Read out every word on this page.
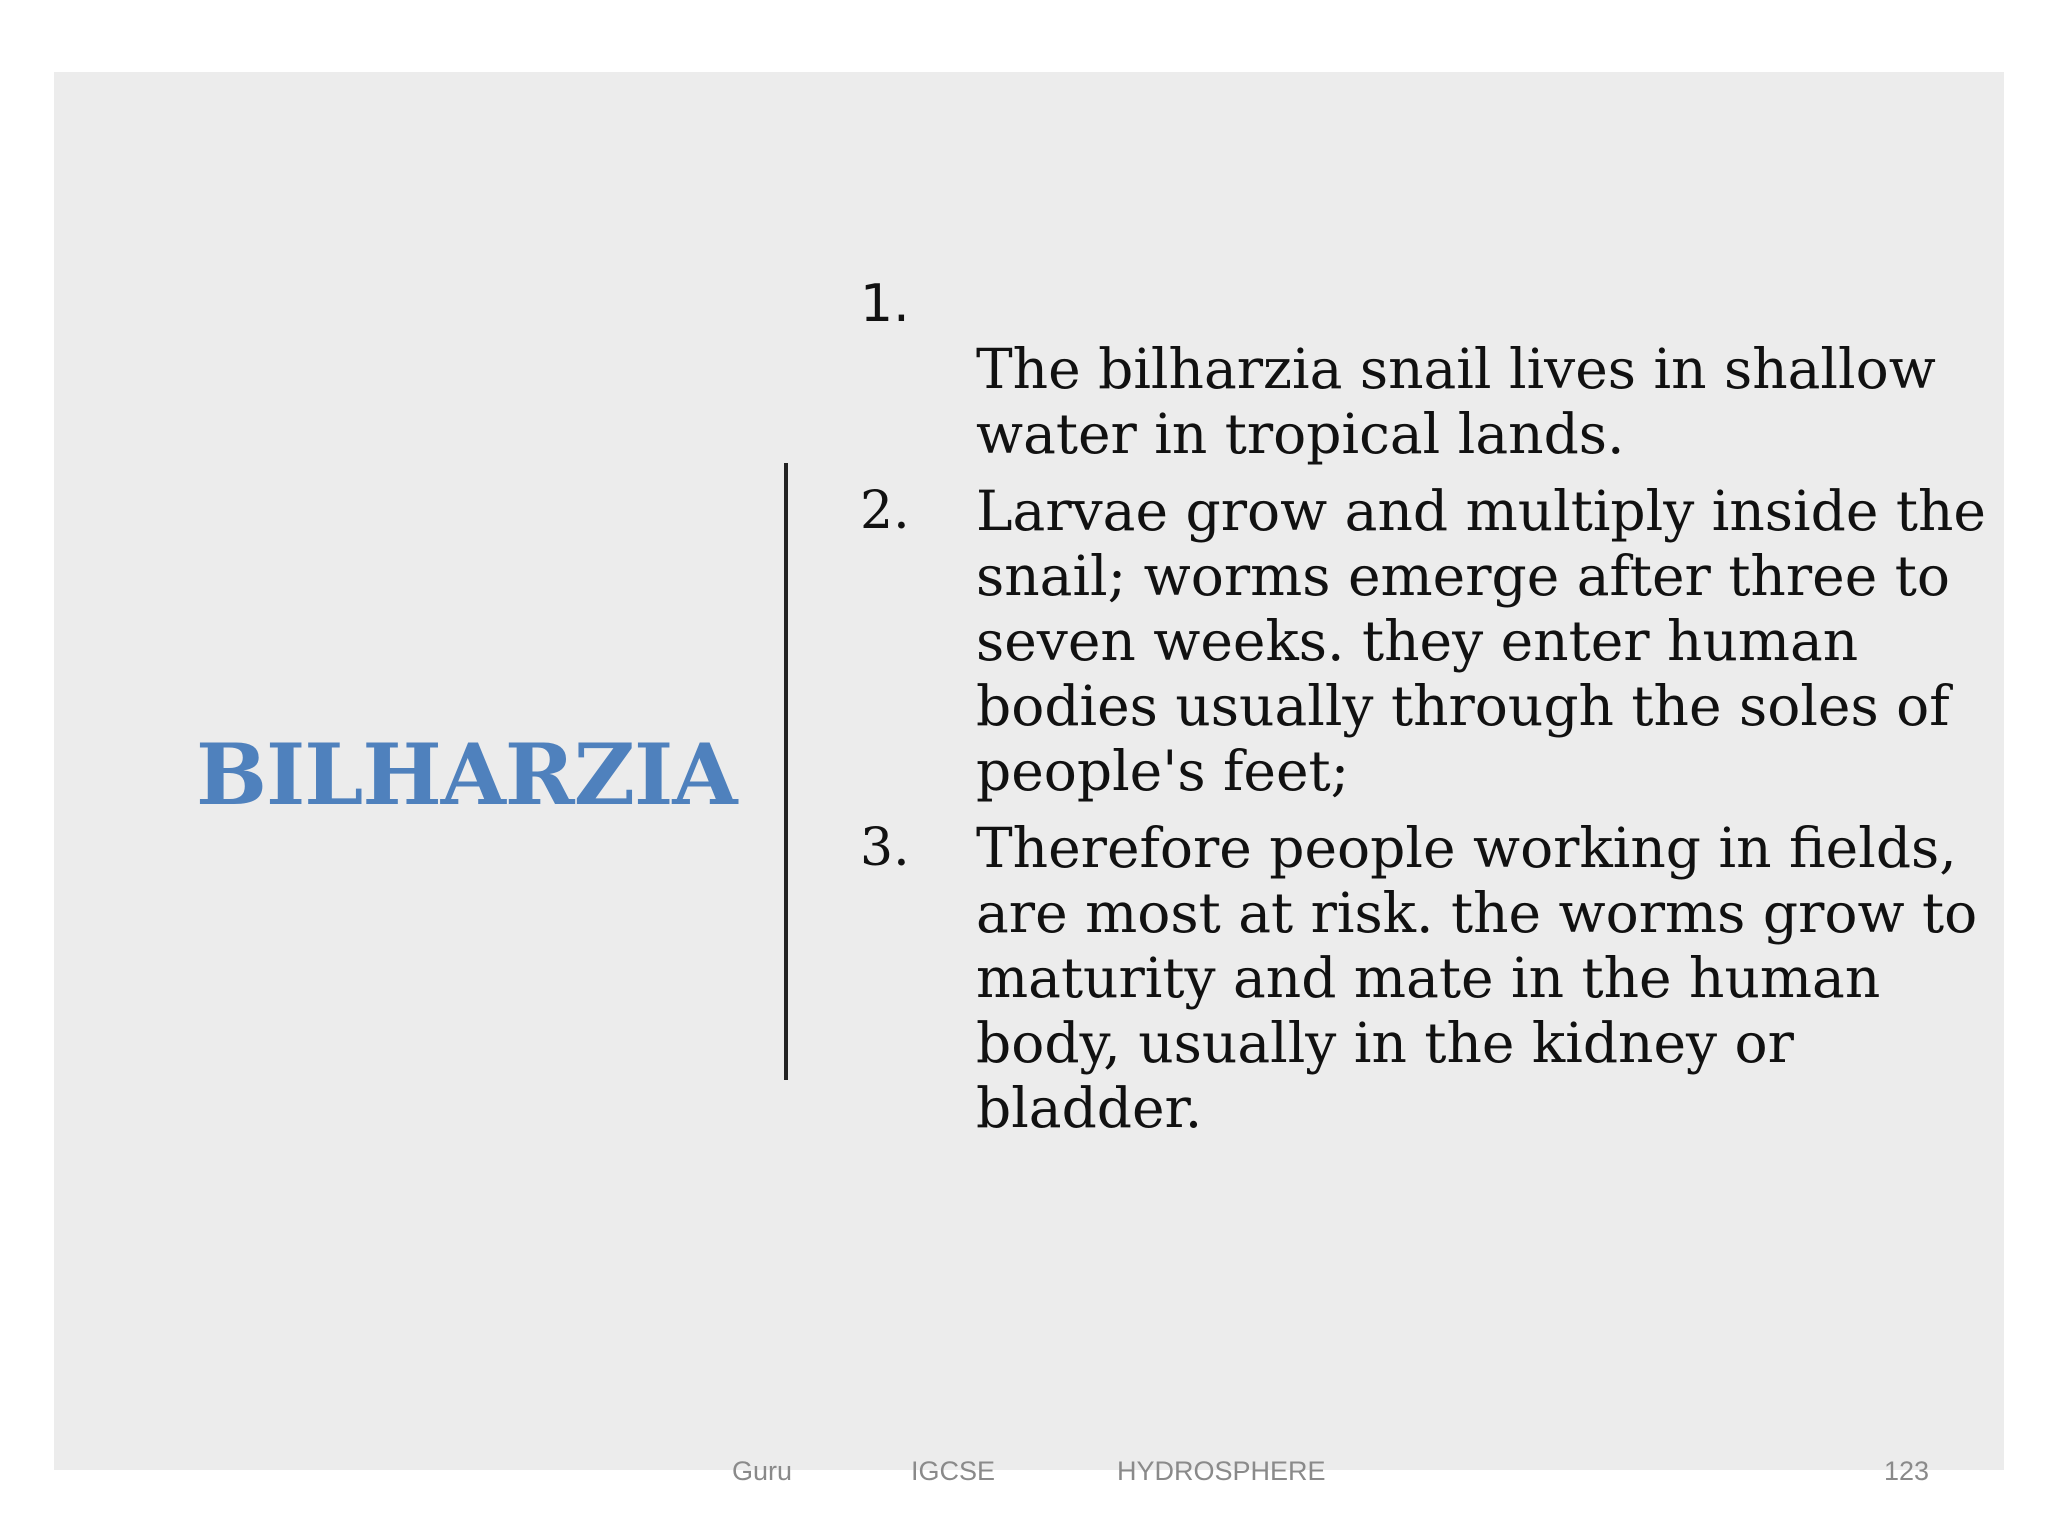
BILHARZIA
1.
The bilharzia snail lives in shallow water in tropical lands.
2. Larvae grow and multiply inside the snail; worms emerge after three to seven weeks. they enter human bodies usually through the soles of people's feet;
3. Therefore people working in fields, are most at risk. the worms grow to maturity and mate in the human body, usually in the kidney or bladder.
Guru	IGCSE	HYDROSPHERE	123
